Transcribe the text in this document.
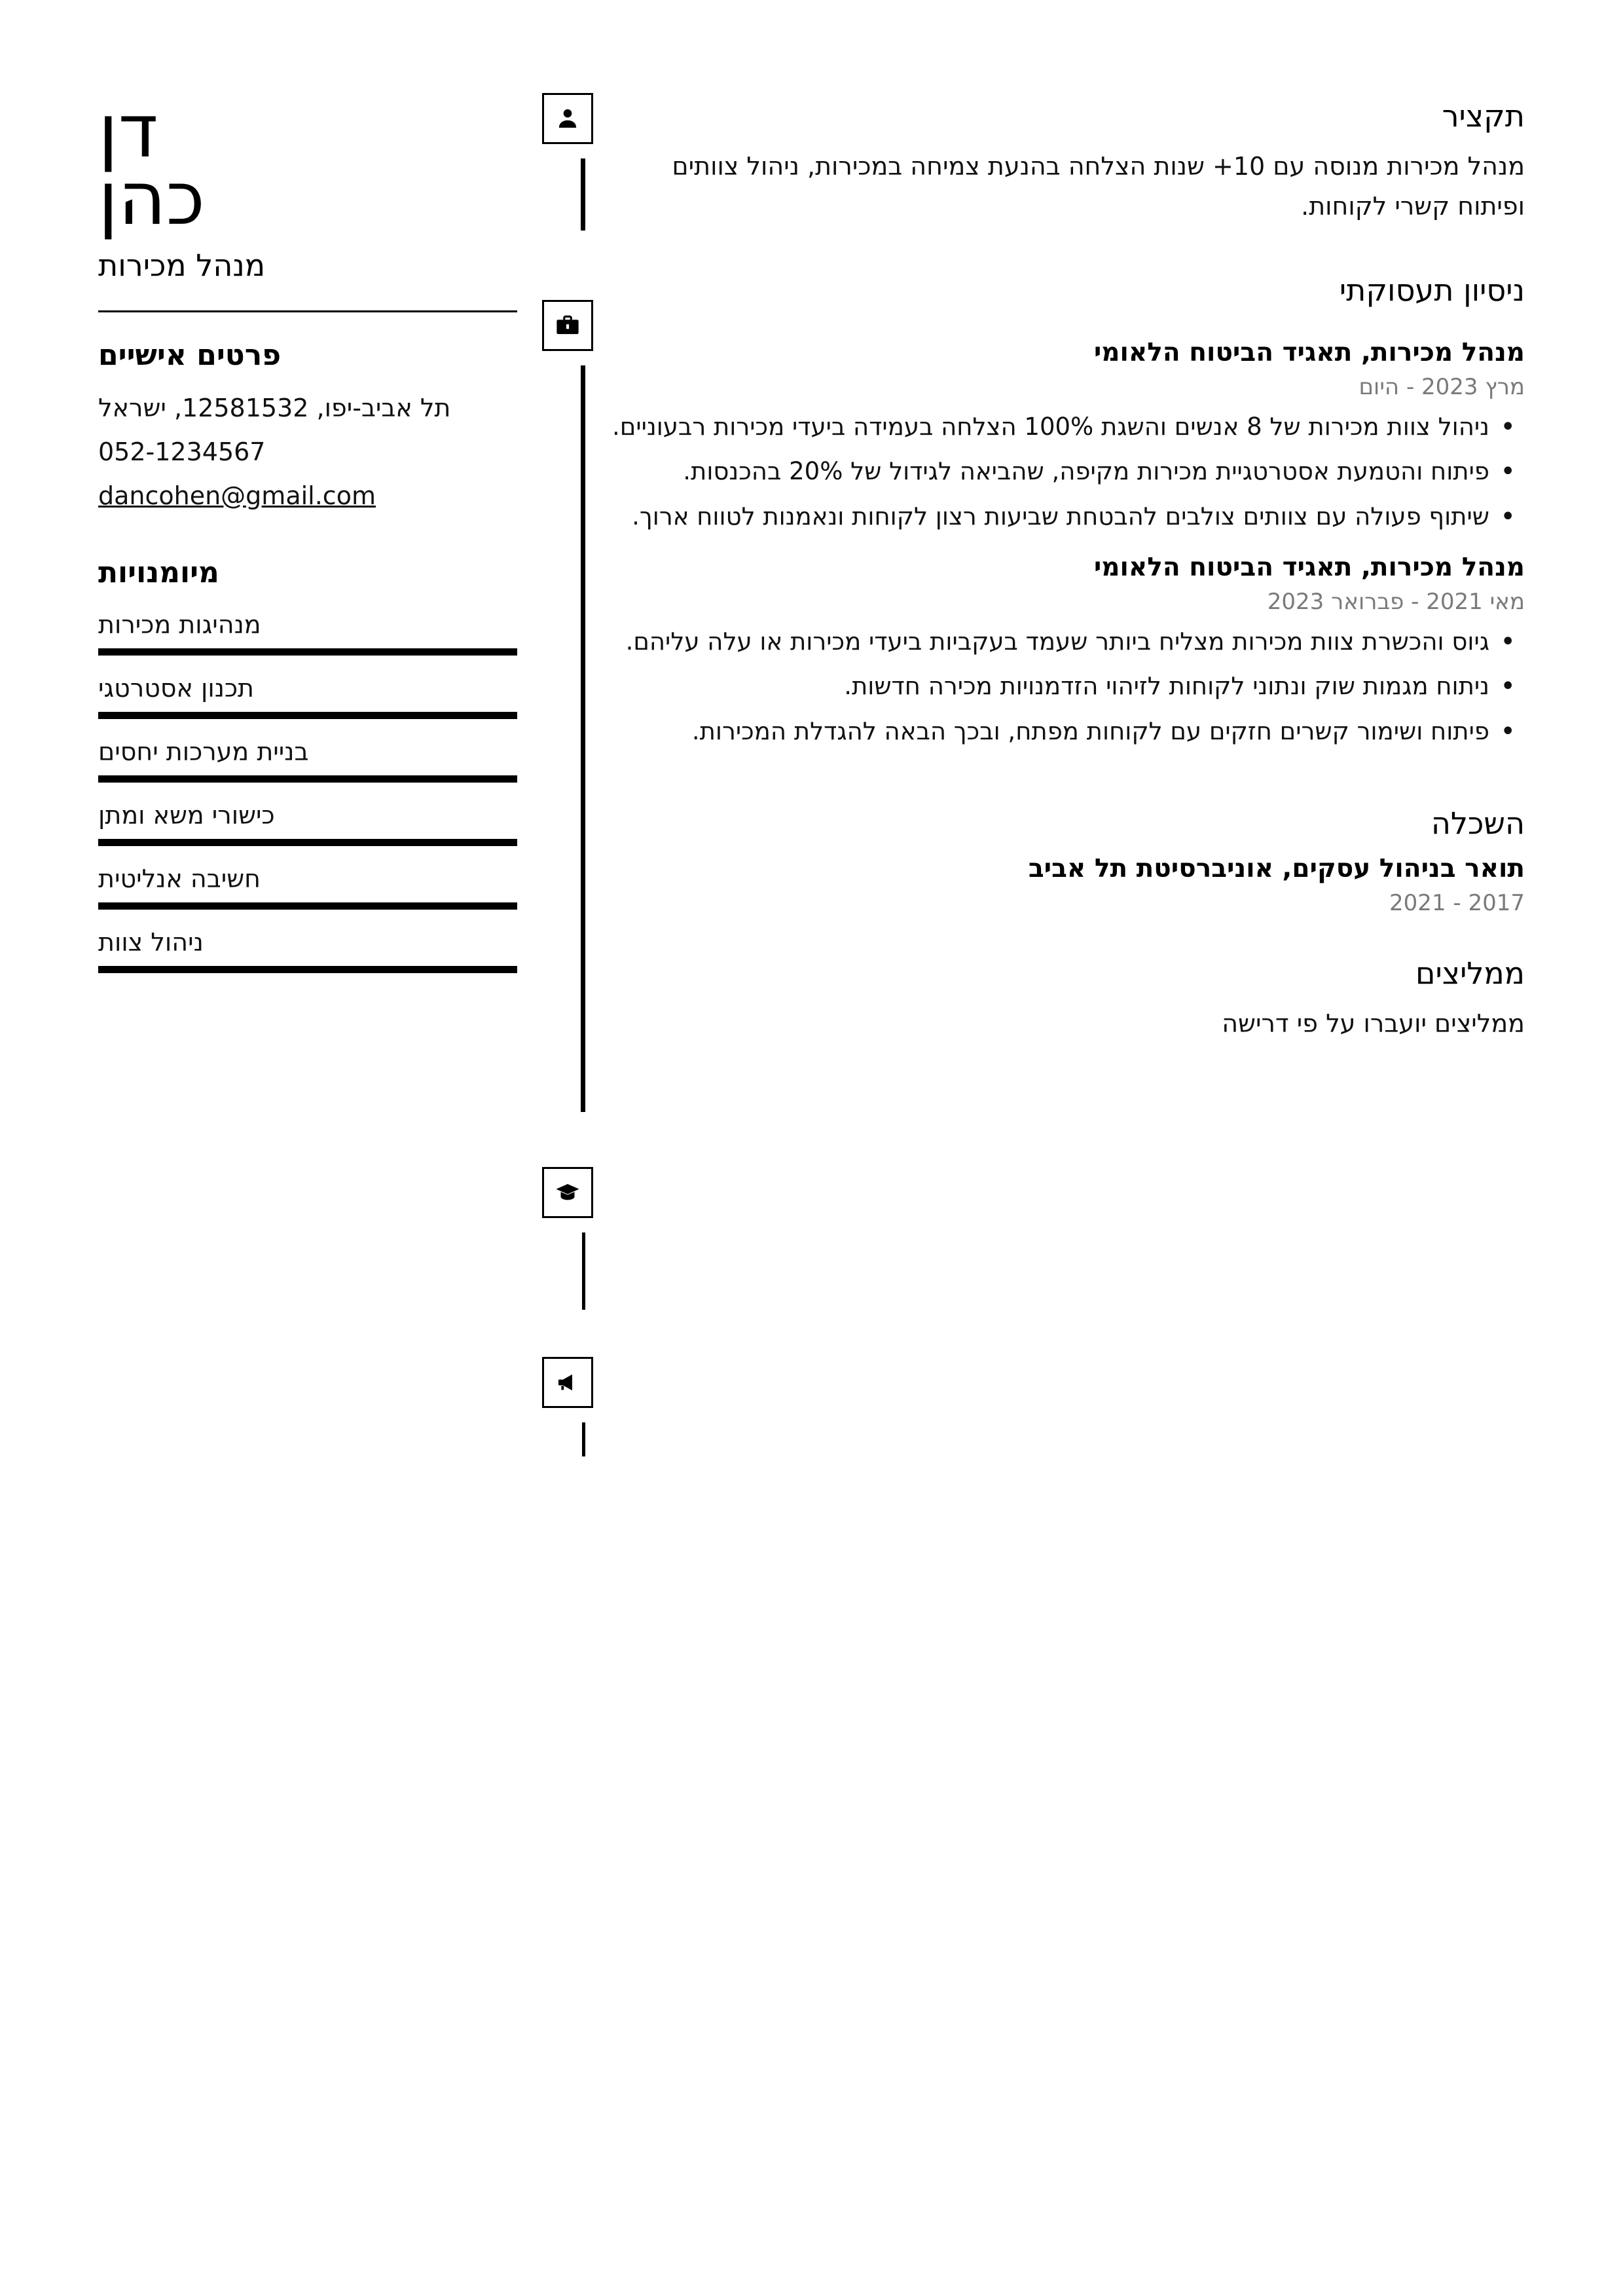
תקציר
מנהל מכירות מנוסה עם 10+ שנות הצלחה בהנעת צמיחה במכירות, ניהול צוותים ופיתוח קשרי לקוחות.
ניסיון תעסוקתי
מנהל מכירות, תאגיד הביטוח הלאומי
מרץ 2023 - היום
• ניהול צוות מכירות של 8 אנשים והשגת 100% הצלחה בעמידה ביעדי מכירות רבעוניים.
• פיתוח והטמעת אסטרטגיית מכירות מקיפה, שהביאה לגידול של 20% בהכנסות.
• שיתוף פעולה עם צוותים צולבים להבטחת שביעות רצון לקוחות ונאמנות לטווח ארוך.
מנהל מכירות, תאגיד הביטוח הלאומי
מאי 2021 - פברואר 2023
• גיוס והכשרת צוות מכירות מצליח ביותר שעמד בעקביות ביעדי מכירות או עלה עליהם.
• ניתוח מגמות שוק ונתוני לקוחות לזיהוי הזדמנויות מכירה חדשות.
• פיתוח ושימור קשרים חזקים עם לקוחות מפתח, ובכך הבאה להגדלת המכירות.
השכלה
תואר בניהול עסקים, אוניברסיטת תל אביב
2017 - 2021
ממליצים
ממליצים יועברו על פי דרישה
דן
כהן
מנהל מכירות
פרטים אישיים
תל אביב-יפו, 12581532, ישראל
052-1234567
dancohen@gmail.com
מיומנויות
מנהיגות מכירות
תכנון אסטרטגי
בניית מערכות יחסים
כישורי משא ומתן
חשיבה אנליטית
ניהול צוות
